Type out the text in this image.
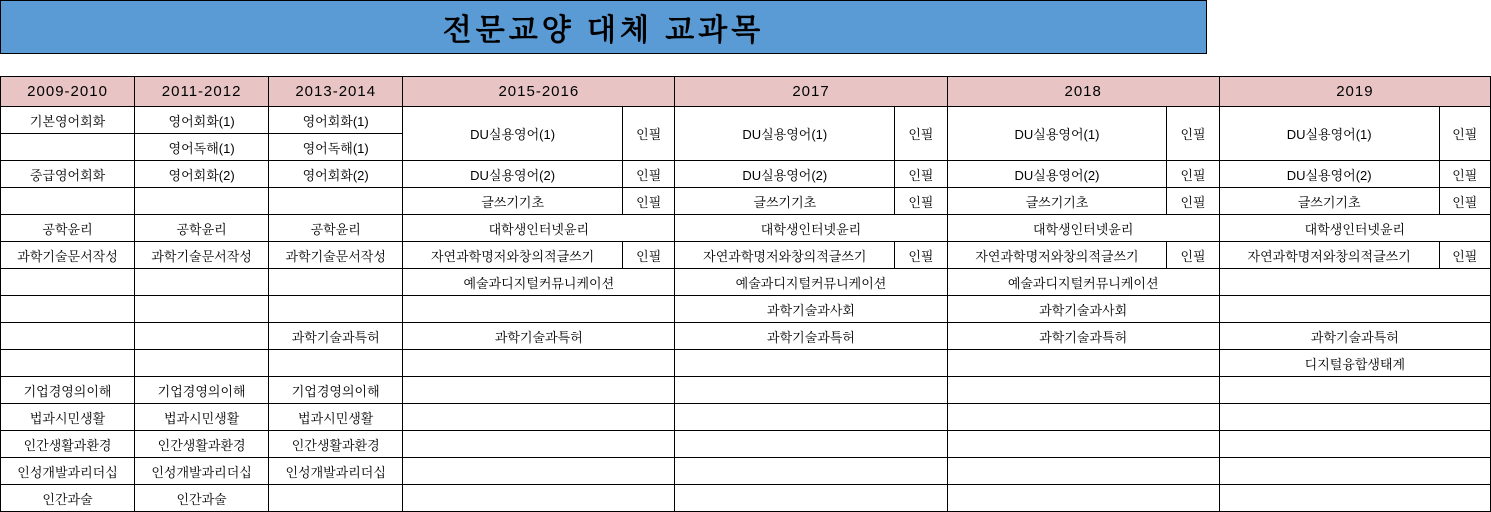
전문교양 대체 교과목
2009-2010	2011-2012	2013-2014	2015-2016		2017		2018		2019	
기본영어회화	영어회화(1)	영어회화(1)	DU실용영어(1)	인필	DU실용영어(1)	인필	DU실용영어(1)	인필	DU실용영어(1)	인필
	영어독해(1)	영어독해(1)								
중급영어회화	영어회화(2)	영어회화(2)	DU실용영어(2)	인필	DU실용영어(2)	인필	DU실용영어(2)	인필	DU실용영어(2)	인필
			글쓰기기초	인필	글쓰기기초	인필	글쓰기기초	인필	글쓰기기초	인필
공학윤리	공학윤리	공학윤리	대학생인터넷윤리		대학생인터넷윤리		대학생인터넷윤리		대학생인터넷윤리	
과학기술문서작성	과학기술문서작성	과학기술문서작성	자연과학명저와창의적글쓰기	인필	자연과학명저와창의적글쓰기	인필	자연과학명저와창의적글쓰기	인필	자연과학명저와창의적글쓰기	인필
			예술과디지털커뮤니케이션		예술과디지털커뮤니케이션		예술과디지털커뮤니케이션			
					과학기술과사회		과학기술과사회			
		과학기술과특허	과학기술과특허		과학기술과특허		과학기술과특허		과학기술과특허	
									디지털융합생태계	
기업경영의이해	기업경영의이해	기업경영의이해								
법과시민생활	법과시민생활	법과시민생활								
인간생활과환경	인간생활과환경	인간생활과환경								
인성개발과리더십	인성개발과리더십	인성개발과리더십								
인간과술	인간과술									
